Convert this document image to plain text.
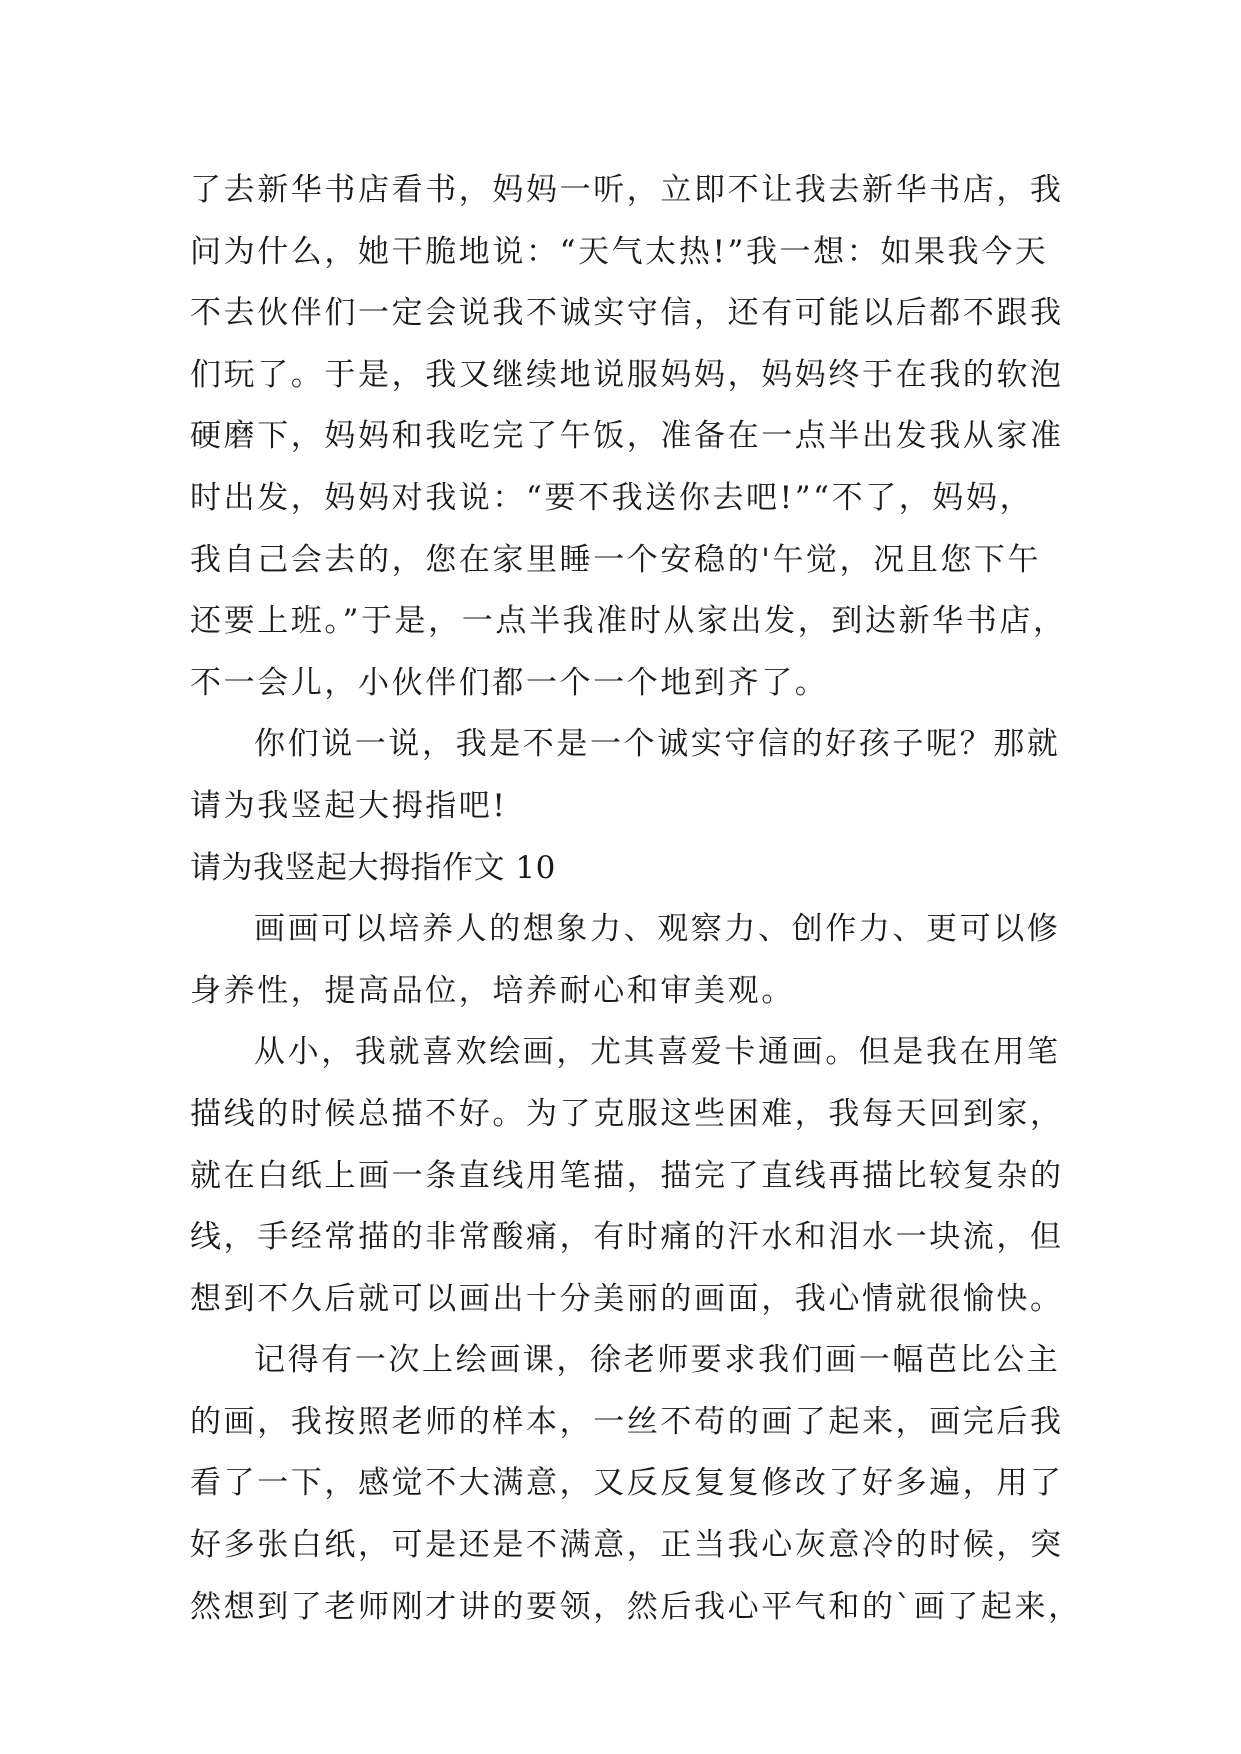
了去新华书店看书，妈妈一听，立即不让我去新华书店，我
问为什么，她干脆地说：“天气太热!”我一想：如果我今天
不去伙伴们一定会说我不诚实守信，还有可能以后都不跟我
们玩了。于是，我又继续地说服妈妈，妈妈终于在我的软泡
硬磨下，妈妈和我吃完了午饭，准备在一点半出发我从家准
时出发，妈妈对我说：“要不我送你去吧!”“不了，妈妈，
我自己会去的，您在家里睡一个安稳的'午觉，况且您下午
还要上班。”于是，一点半我准时从家出发，到达新华书店，
不一会儿，小伙伴们都一个一个地到齐了。
你们说一说，我是不是一个诚实守信的好孩子呢？那就
请为我竖起大拇指吧!
请为我竖起大拇指作文 10
画画可以培养人的想象力、观察力、创作力、更可以修
身养性，提高品位，培养耐心和审美观。
从小，我就喜欢绘画，尤其喜爱卡通画。但是我在用笔
描线的时候总描不好。为了克服这些困难，我每天回到家，
就在白纸上画一条直线用笔描，描完了直线再描比较复杂的
线，手经常描的非常酸痛，有时痛的汗水和泪水一块流，但
想到不久后就可以画出十分美丽的画面，我心情就很愉快。
记得有一次上绘画课，徐老师要求我们画一幅芭比公主
的画，我按照老师的样本，一丝不苟的画了起来，画完后我
看了一下，感觉不大满意，又反反复复修改了好多遍，用了
好多张白纸，可是还是不满意，正当我心灰意冷的时候，突
然想到了老师刚才讲的要领，然后我心平气和的`画了起来，
